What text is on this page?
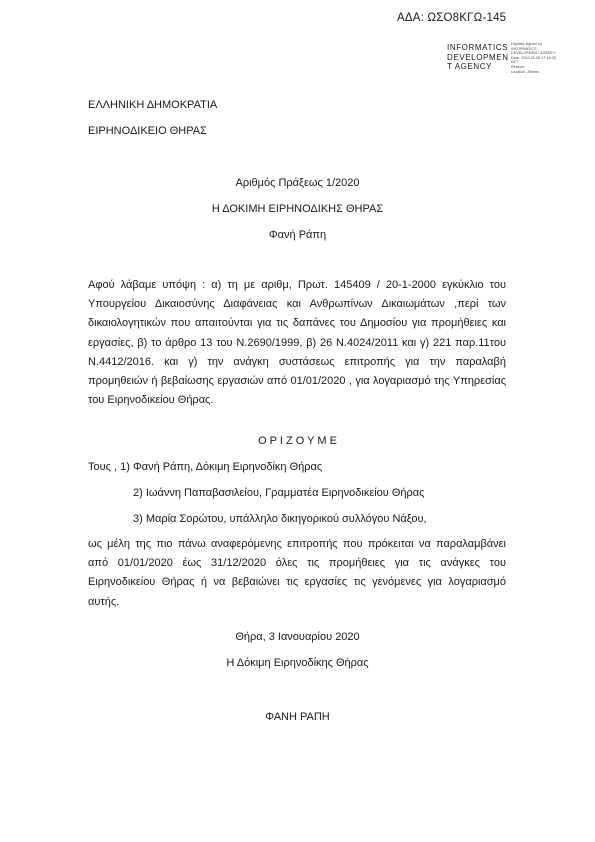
ΑΔΑ: ΩΣΟ8ΚΓΩ-145
INFORMATICS
DEVELOPMEN
T AGENCY
Digitally signed by
INFORMATICS
DEVELOPMENT AGENCY
Date: 2020.01.08 17:16:35
EET
Reason:
Location: Athens
ΕΛΛΗΝΙΚΗ ΔΗΜΟΚΡΑΤΙΑ
ΕΙΡΗΝΟΔΙΚΕΙΟ ΘΗΡΑΣ
Αριθμός Πράξεως 1/2020
Η ΔΟΚΙΜΗ ΕΙΡΗΝΟΔΙΚΗΣ ΘΗΡΑΣ
Φανή Ράπη
Αφού λάβαμε υπόψη : α) τη με αριθμ, Πρωτ. 145409 / 20-1-2000 εγκύκλιο του Υπουργείου Δικαιοσύνης Διαφάνειας και Ανθρωπίνων Δικαιωμάτων ,περί των δικαιολογητικών που απαιτούνται για τις δαπάνες του Δημοσίου για προμήθειες και εργασίες, β) το άρθρο 13 του Ν.2690/1999, β) 26 Ν.4024/2011 και γ) 221 παρ.11του Ν.4412/2016. και γ) την ανάγκη συστάσεως επιτροπής για την παραλαβή προμηθειών ή βεβαίωσης εργασιών από 01/01/2020 , για λογαριασμό της Υπηρεσίας του Ειρηνοδικείου Θήρας.
Ο Ρ Ι Ζ Ο Υ Μ Ε
Τους , 1) Φανή Ράπη, Δόκιμη Ειρηνοδίκη Θήρας
2) Ιωάννη Παπαβασιλείου, Γραμματέα Ειρηνοδικείου Θήρας
3) Μαρία Σορώτου, υπάλληλο δικηγορικού συλλόγου Νάξου,
ως μέλη της πιο πάνω αναφερόμενης επιτροπής που πρόκειται να παραλαμβάνει από 01/01/2020 έως 31/12/2020 όλες τις προμήθειες για τις ανάγκες του Ειρηνοδικείου Θήρας ή να βεβαιώνει τις εργασίες τις γενόμενες για λογαριασμό αυτής.
Θήρα, 3 Ιανουαρίου 2020
Η Δόκιμη Ειρηνοδίκης Θήρας
ΦΑΝΗ ΡΑΠΗ
